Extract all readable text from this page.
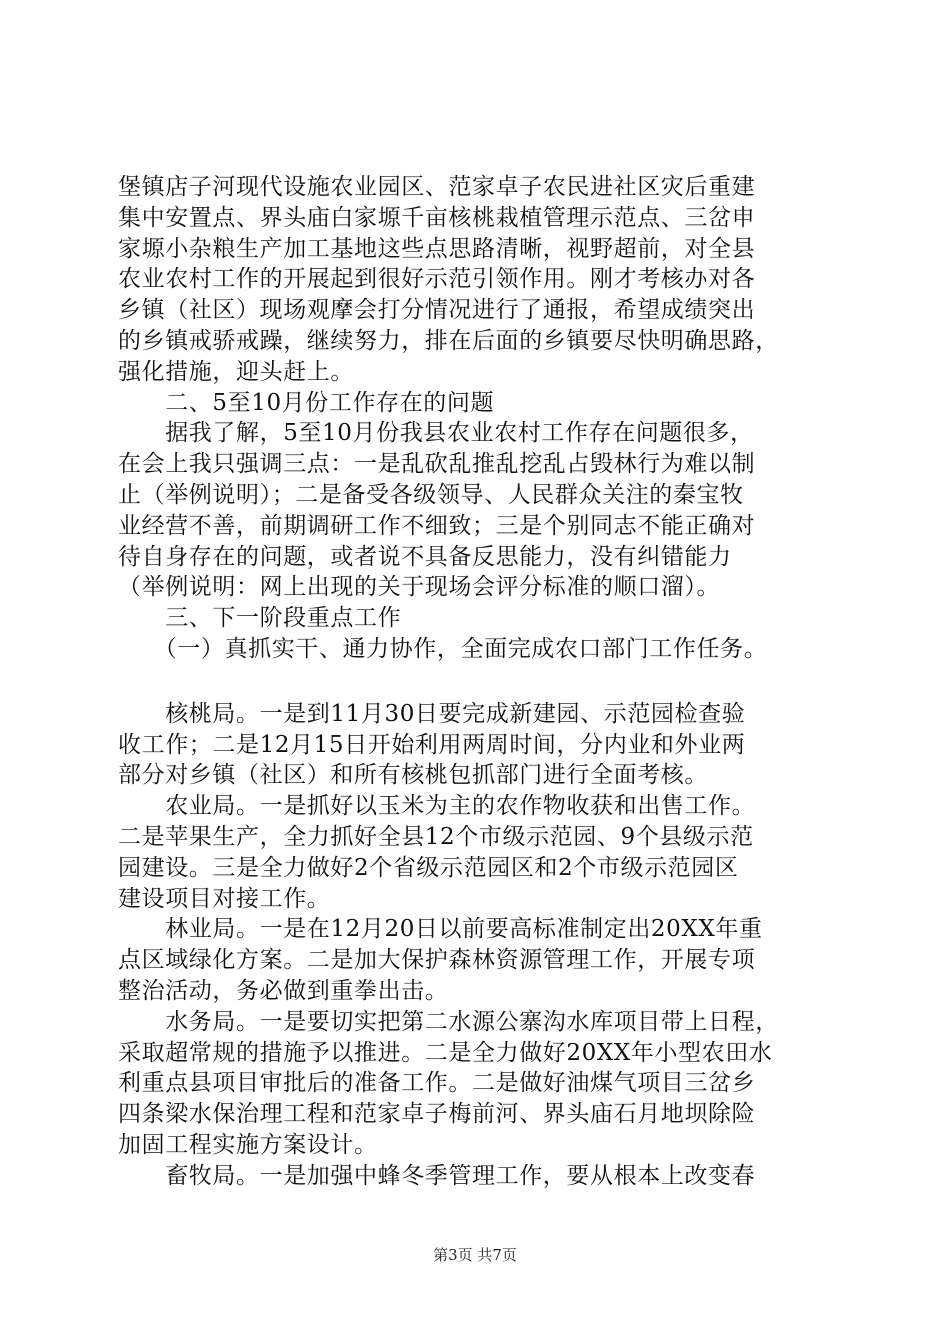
堡镇店子河现代设施农业园区、范家卓子农民进社区灾后重建
集中安置点、界头庙白家塬千亩核桃栽植管理示范点、三岔申
家塬小杂粮生产加工基地这些点思路清晰，视野超前，对全县
农业农村工作的开展起到很好示范引领作用。刚才考核办对各
乡镇（社区）现场观摩会打分情况进行了通报，希望成绩突出
的乡镇戒骄戒躁，继续努力，排在后面的乡镇要尽快明确思路，
强化措施，迎头赶上。
　　二、5至10月份工作存在的问题
　　据我了解，5至10月份我县农业农村工作存在问题很多，
在会上我只强调三点：一是乱砍乱推乱挖乱占毁林行为难以制
止（举例说明）；二是备受各级领导、人民群众关注的秦宝牧
业经营不善，前期调研工作不细致；三是个别同志不能正确对
待自身存在的问题，或者说不具备反思能力，没有纠错能力
（举例说明：网上出现的关于现场会评分标准的顺口溜）。
　　三、下一阶段重点工作
　　（一）真抓实干、通力协作，全面完成农口部门工作任务。
　　核桃局。一是到11月30日要完成新建园、示范园检查验
收工作；二是12月15日开始利用两周时间，分内业和外业两
部分对乡镇（社区）和所有核桃包抓部门进行全面考核。
　　农业局。一是抓好以玉米为主的农作物收获和出售工作。
二是苹果生产，全力抓好全县12个市级示范园、9个县级示范
园建设。三是全力做好2个省级示范园区和2个市级示范园区
建设项目对接工作。
　　林业局。一是在12月20日以前要高标准制定出20XX年重
点区域绿化方案。二是加大保护森林资源管理工作，开展专项
整治活动，务必做到重拳出击。
　　水务局。一是要切实把第二水源公寨沟水库项目带上日程，
采取超常规的措施予以推进。二是全力做好20XX年小型农田水
利重点县项目审批后的准备工作。二是做好油煤气项目三岔乡
四条梁水保治理工程和范家卓子梅前河、界头庙石月地坝除险
加固工程实施方案设计。
　　畜牧局。一是加强中蜂冬季管理工作，要从根本上改变春
第3页 共7页
